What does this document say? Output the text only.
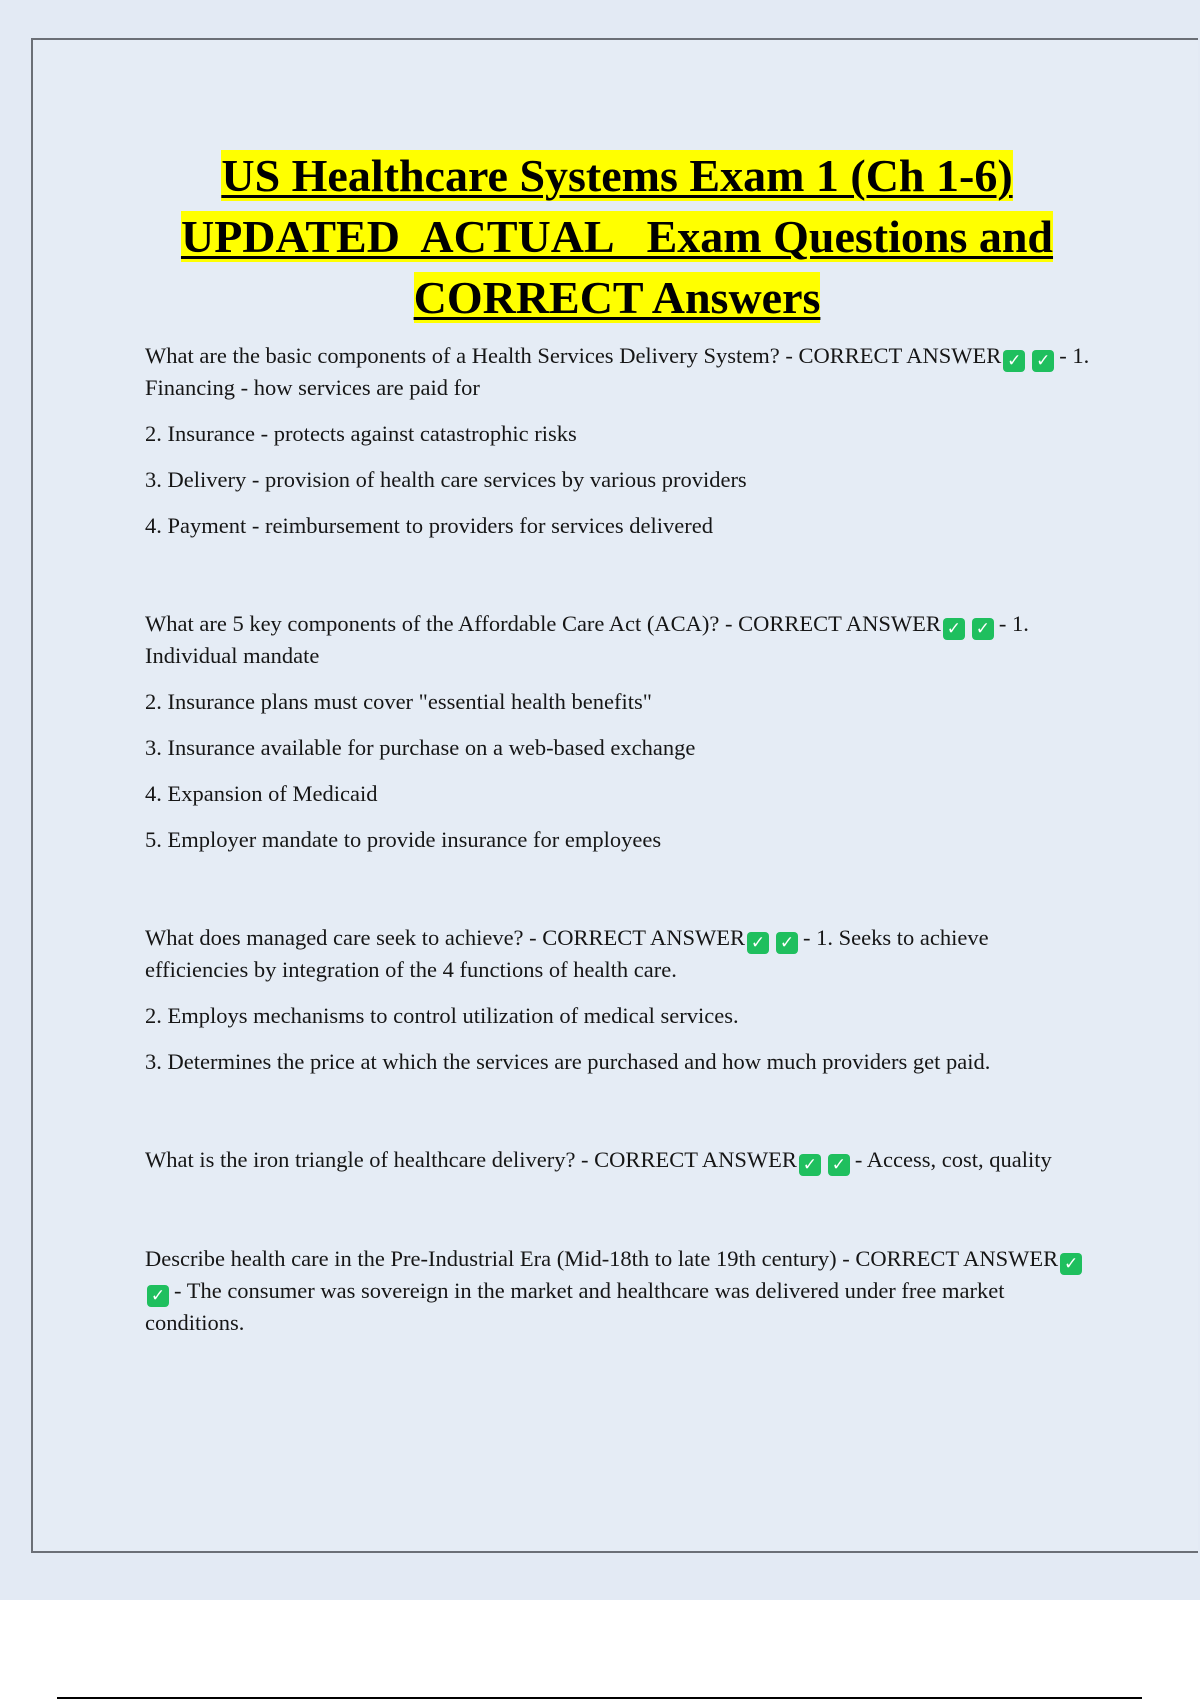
US Healthcare Systems Exam 1 (Ch 1-6)
UPDATED  ACTUAL   Exam Questions and
CORRECT Answers

What are the basic components of a Health Services Delivery System? - CORRECT ANSWER ✓ ✓ - 1. Financing - how services are paid for

2. Insurance - protects against catastrophic risks

3. Delivery - provision of health care services by various providers

4. Payment - reimbursement to providers for services delivered

What are 5 key components of the Affordable Care Act (ACA)? - CORRECT ANSWER ✓ ✓ - 1. Individual mandate

2. Insurance plans must cover "essential health benefits"

3. Insurance available for purchase on a web-based exchange

4. Expansion of Medicaid

5. Employer mandate to provide insurance for employees

What does managed care seek to achieve? - CORRECT ANSWER ✓ ✓ - 1. Seeks to achieve efficiencies by integration of the 4 functions of health care.

2. Employs mechanisms to control utilization of medical services.

3. Determines the price at which the services are purchased and how much providers get paid.

What is the iron triangle of healthcare delivery? - CORRECT ANSWER ✓ ✓ - Access, cost, quality

Describe health care in the Pre-Industrial Era (Mid-18th to late 19th century) - CORRECT ANSWER ✓✓ - The consumer was sovereign in the market and healthcare was delivered under free market conditions.
